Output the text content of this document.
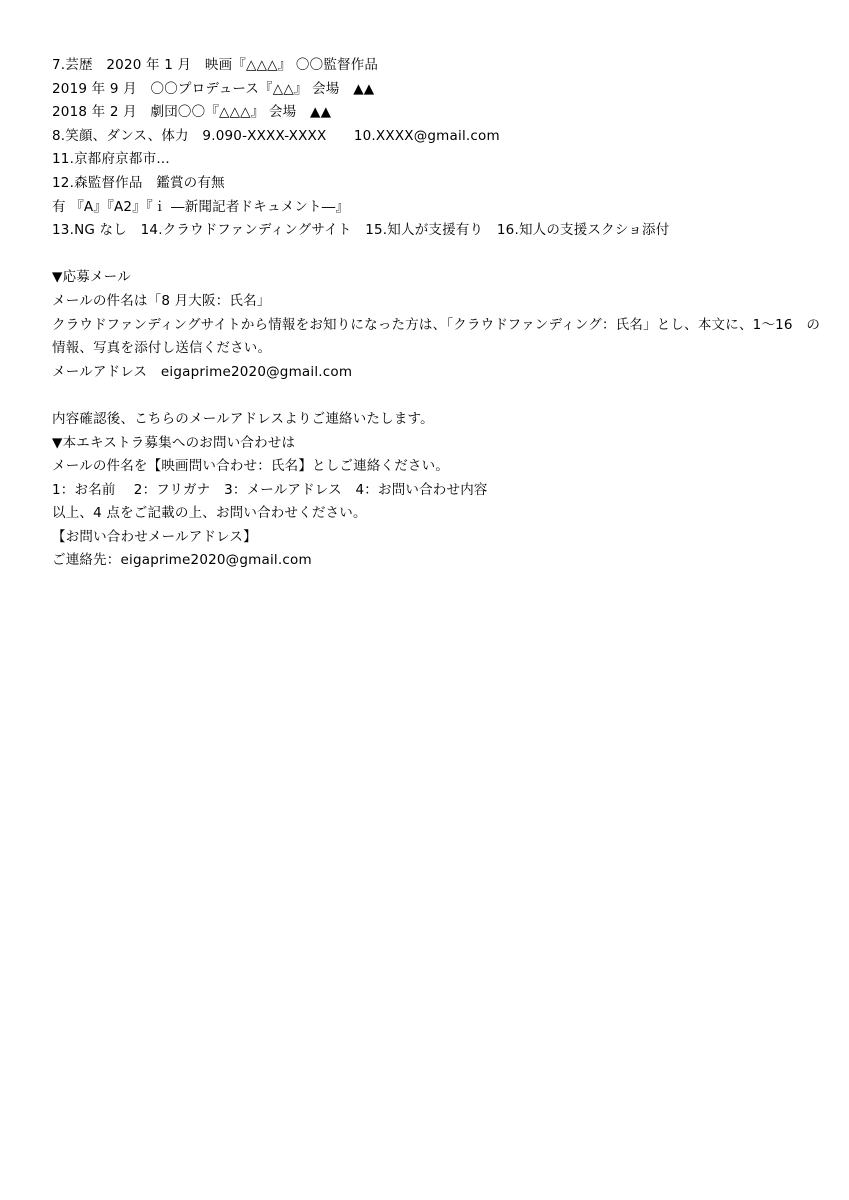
7.芸歴　2020 年 1 月　映画『△△△』 〇〇監督作品
2019 年 9 月　〇〇プロデュース『△△』 会場　▲▲
2018 年 2 月　劇団〇〇『△△△』 会場　▲▲
8.笑顔、ダンス、体力　9.090-XXXX-XXXX　　10.XXXX@gmail.com
11.京都府京都市…
12.森監督作品　鑑賞の有無
有 『A』『A2』『ｉ ―新聞記者ドキュメント―』
13.NG なし　14.クラウドファンディングサイト　15.知人が支援有り　16.知人の支援スクショ添付
▼応募メール
メールの件名は「8 月大阪：氏名」
クラウドファンディングサイトから情報をお知りになった方は、「クラウドファンディング：氏名」とし、本文に、1～16　の
情報、写真を添付し送信ください。
メールアドレス　eigaprime2020@gmail.com
内容確認後、こちらのメールアドレスよりご連絡いたします。
▼本エキストラ募集へのお問い合わせは
メールの件名を【映画問い合わせ：氏名】としご連絡ください。
1：お名前　 2：フリガナ　3：メールアドレス　4：お問い合わせ内容
以上、4 点をご記載の上、お問い合わせください。
【お問い合わせメールアドレス】
ご連絡先：eigaprime2020@gmail.com
